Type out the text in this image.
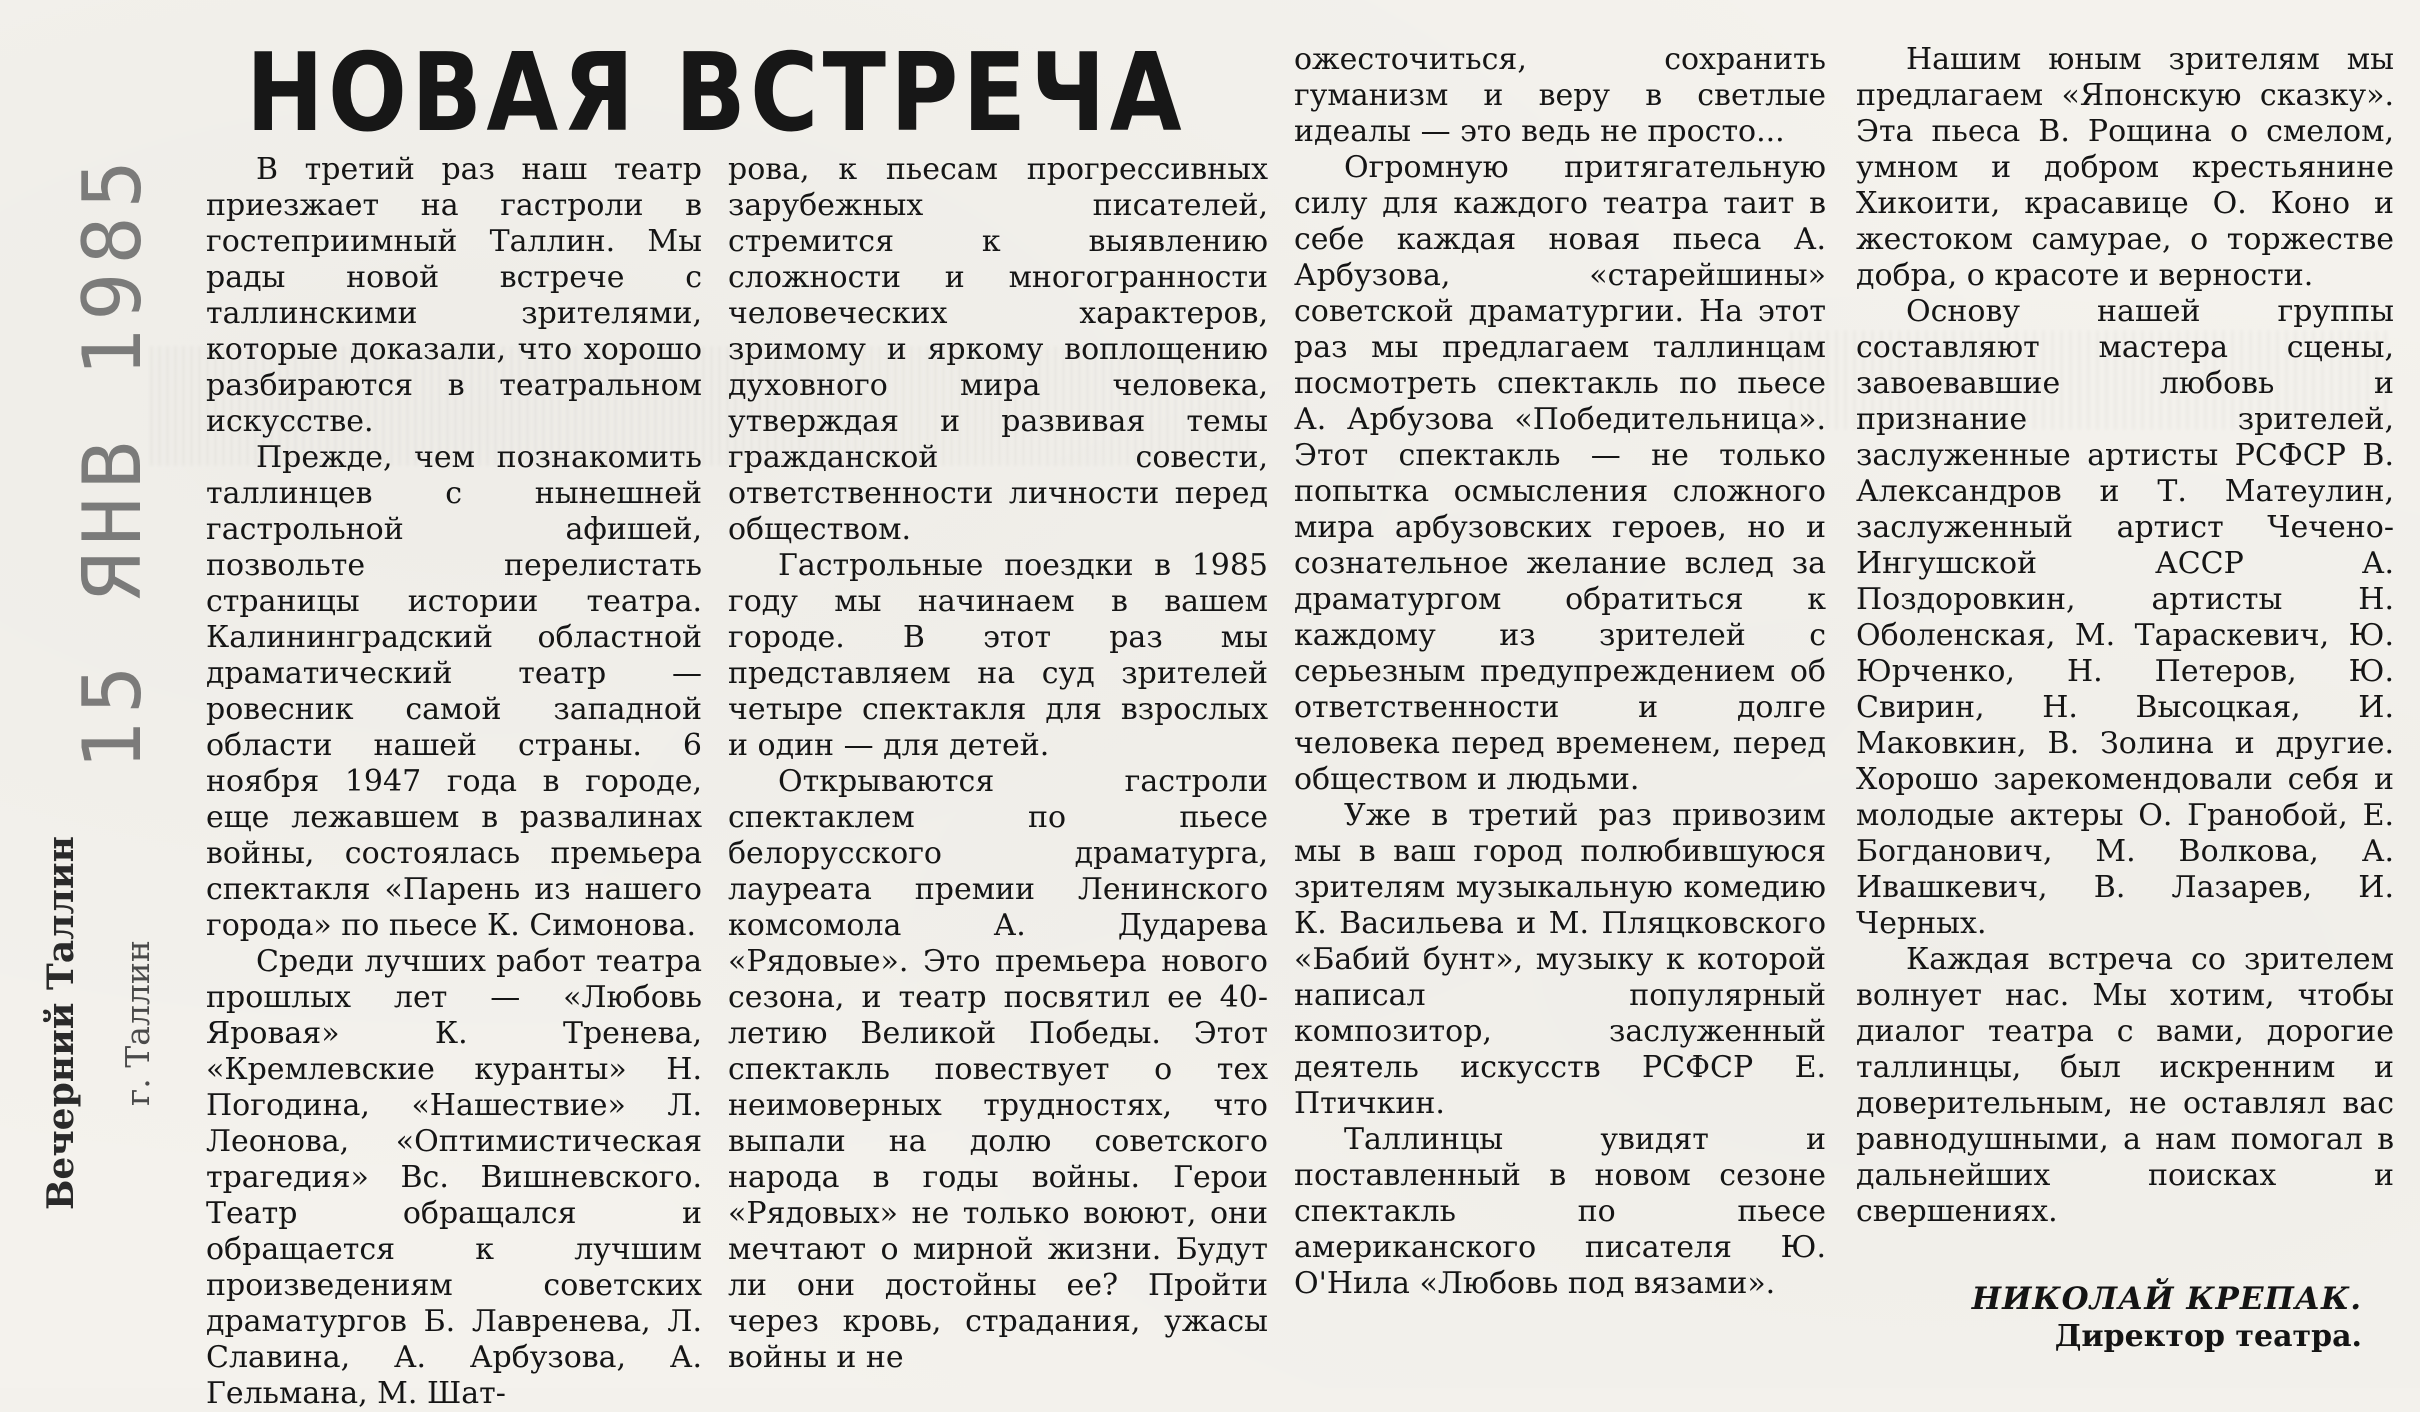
15 ЯНВ 1985
Вечерний Таллин г. Таллин
НОВАЯ ВСТРЕЧА

В третий раз наш театр приезжает на гастроли в гостеприимный Таллин. Мы рады новой встрече с таллинскими зрителями, которые доказали, что хорошо разбираются в театральном искусстве.

Прежде, чем познакомить таллинцев с нынешней гастрольной афишей, позвольте перелистать страницы истории театра. Калининградский областной драматический театр — ровесник самой западной области нашей страны. 6 ноября 1947 года в городе, еще лежавшем в развалинах войны, состоялась премьера спектакля «Парень из нашего города» по пьесе К. Симонова.

Среди лучших работ театра прошлых лет — «Любовь Яровая» К. Тренева, «Кремлевские куранты» Н. Погодина, «Нашествие» Л. Леонова, «Оптимистическая трагедия» Вс. Вишневского. Театр обращался и обращается к лучшим произведениям советских драматургов Б. Лавренева, Л. Славина, А. Арбузова, А. Гельмана, М. Шат-

рова, к пьесам прогрессивных зарубежных писателей, стремится к выявлению сложности и многогранности человеческих характеров, зримому и яркому воплощению духовного мира человека, утверждая и развивая темы гражданской совести, ответственности личности перед обществом.

Гастрольные поездки в 1985 году мы начинаем в вашем городе. В этот раз мы представляем на суд зрителей четыре спектакля для взрослых и один — для детей.

Открываются гастроли спектаклем по пьесе белорусского драматурга, лауреата премии Ленинского комсомола А. Дударева «Рядовые». Это премьера нового сезона, и театр посвятил ее 40-летию Великой Победы. Этот спектакль повествует о тех неимоверных трудностях, что выпали на долю советского народа в годы войны. Герои «Рядовых» не только воюют, они мечтают о мирной жизни. Будут ли они достойны ее? Пройти через кровь, страдания, ужасы войны и не

ожесточиться, сохранить гуманизм и веру в светлые идеалы — это ведь не просто...

Огромную притягательную силу для каждого театра таит в себе каждая новая пьеса А. Арбузова, «старейшины» советской драматургии. На этот раз мы предлагаем таллинцам посмотреть спектакль по пьесе А. Арбузова «Победительница». Этот спектакль — не только попытка осмысления сложного мира арбузовских героев, но и сознательное желание вслед за драматургом обратиться к каждому из зрителей с серьезным предупреждением об ответственности и долге человека перед временем, перед обществом и людьми.

Уже в третий раз привозим мы в ваш город полюбившуюся зрителям музыкальную комедию К. Васильева и М. Пляцковского «Бабий бунт», музыку к которой написал популярный композитор, заслуженный деятель искусств РСФСР Е. Птичкин.

Таллинцы увидят и поставленный в новом сезоне спектакль по пьесе американского писателя Ю. О'Нила «Любовь под вязами».

Нашим юным зрителям мы предлагаем «Японскую сказку». Эта пьеса В. Рощина о смелом, умном и добром крестьянине Хикоити, красавице О. Коно и жестоком самурае, о торжестве добра, о красоте и верности.

Основу нашей группы составляют мастера сцены, завоевавшие любовь и признание зрителей, заслуженные артисты РСФСР В. Александров и Т. Матеулин, заслуженный артист Чечено-Ингушской АССР А. Поздоровкин, артисты Н. Оболенская, М. Тараскевич, Ю. Юрченко, Н. Петеров, Ю. Свирин, Н. Высоцкая, И. Маковкин, В. Золина и другие. Хорошо зарекомендовали себя и молодые актеры О. Гранобой, Е. Богданович, М. Волкова, А. Ивашкевич, В. Лазарев, И. Черных.

Каждая встреча со зрителем волнует нас. Мы хотим, чтобы диалог театра с вами, дорогие таллинцы, был искренним и доверительным, не оставлял вас равнодушными, а нам помогал в дальнейших поисках и свершениях.

НИКОЛАЙ КРЕПАК.
Директор театра.
